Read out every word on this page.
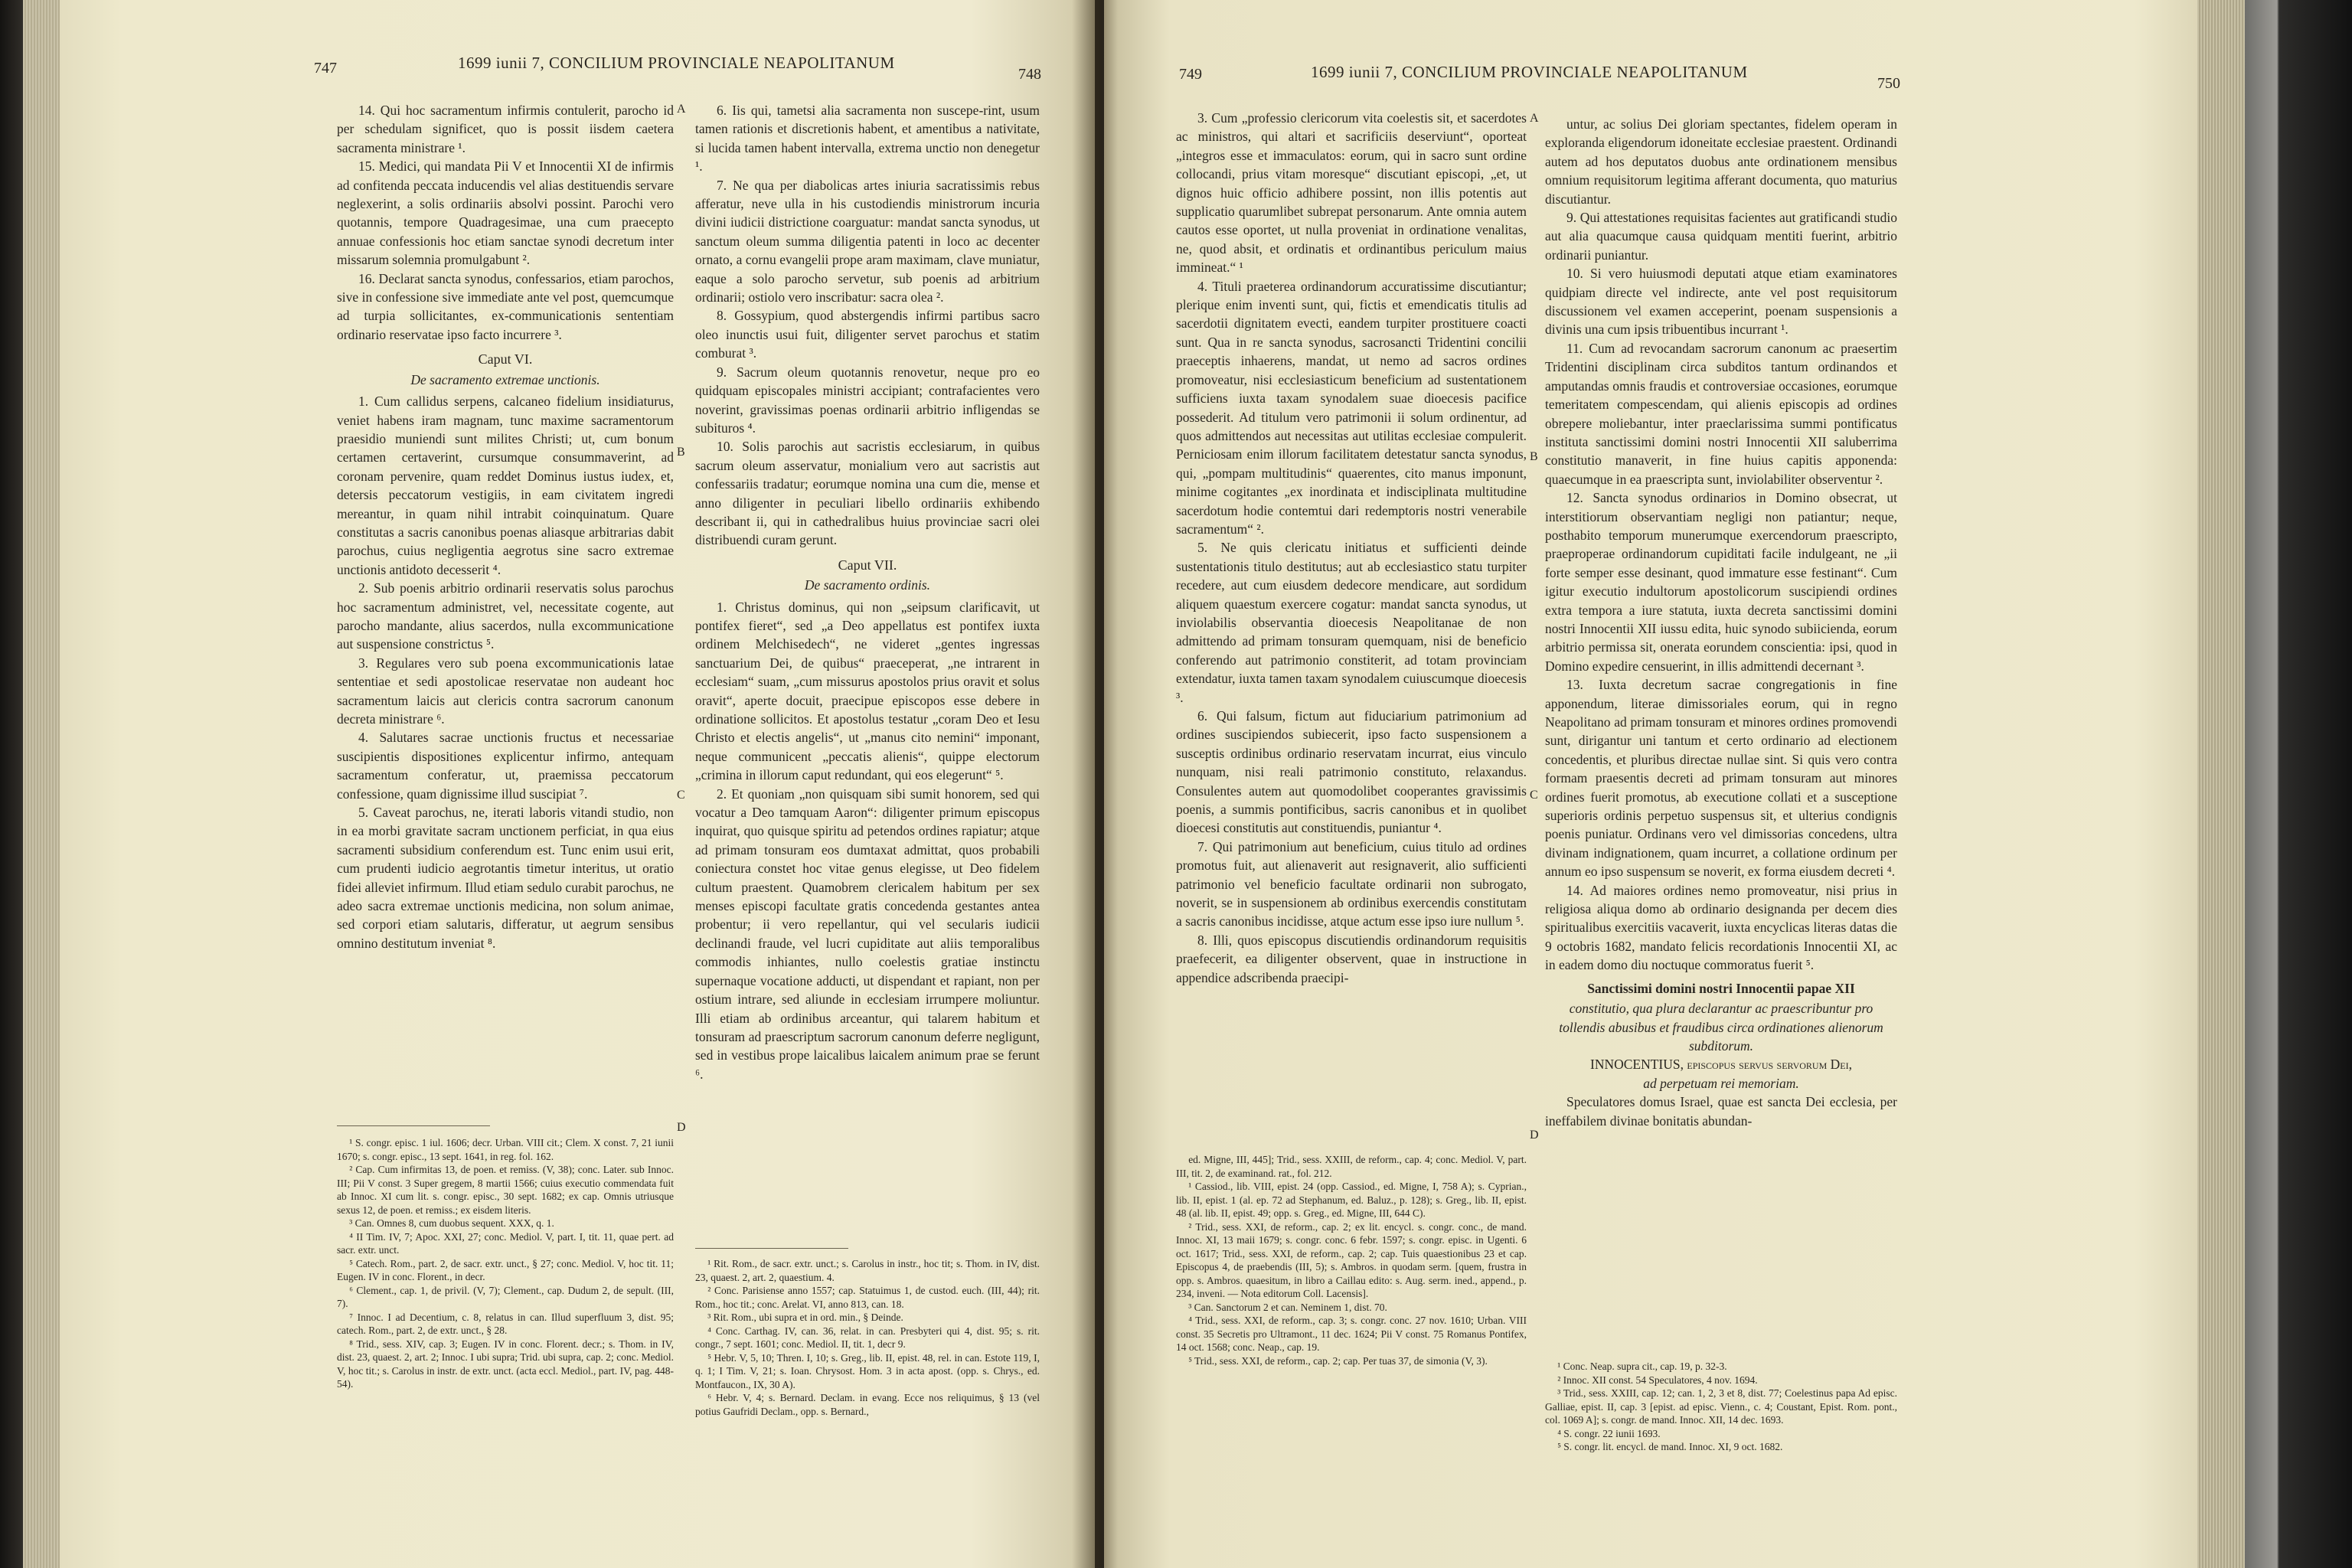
747	1699 iunii 7, CONCILIUM PROVINCIALE NEAPOLITANUM
748
A
B
C
D

14. Qui hoc sacramentum infirmis contulerit, parocho id per schedulam significet, quo is possit iisdem caetera sacramenta ministrare ¹.

15. Medici, qui mandata Pii V et Innocentii XI de infirmis ad confitenda peccata inducendis vel alias destituendis servare neglexerint, a solis ordinariis absolvi possint. Parochi vero quotannis, tempore Quadragesimae, una cum praecepto annuae confessionis hoc etiam sanctae synodi decretum inter missarum solemnia promulgabunt ².

16. Declarat sancta synodus, confessarios, etiam parochos, sive in confessione sive immediate ante vel post, quemcumque ad turpia sollicitantes, ex-communicationis sententiam ordinario reservatae ipso facto incurrere ³.

Caput VI.

De sacramento extremae unctionis.

1. Cum callidus serpens, calcaneo fidelium insidiaturus, veniet habens iram magnam, tunc maxime sacramentorum praesidio muniendi sunt milites Christi; ut, cum bonum certamen certaverint, cursumque consummaverint, ad coronam pervenire, quam reddet Dominus iustus iudex, et, detersis peccatorum vestigiis, in eam civitatem ingredi mereantur, in quam nihil intrabit coinquinatum. Quare constitutas a sacris canonibus poenas aliasque arbitrarias dabit parochus, cuius negligentia aegrotus sine sacro extremae unctionis antidoto decesserit ⁴.

2. Sub poenis arbitrio ordinarii reservatis solus parochus hoc sacramentum administret, vel, necessitate cogente, aut parocho mandante, alius sacerdos, nulla excommunicatione aut suspensione constrictus ⁵.

3. Regulares vero sub poena excommunicationis latae sententiae et sedi apostolicae reservatae non audeant hoc sacramentum laicis aut clericis contra sacrorum canonum decreta ministrare ⁶.

4. Salutares sacrae unctionis fructus et necessariae suscipientis dispositiones explicentur infirmo, antequam sacramentum conferatur, ut, praemissa peccatorum confessione, quam dignissime illud suscipiat ⁷.

5. Caveat parochus, ne, iterati laboris vitandi studio, non in ea morbi gravitate sacram unctionem perficiat, in qua eius sacramenti subsidium conferendum est. Tunc enim usui erit, cum prudenti iudicio aegrotantis timetur interitus, ut oratio fidei alleviet infirmum. Illud etiam sedulo curabit parochus, ne adeo sacra extremae unctionis medicina, non solum animae, sed corpori etiam salutaris, differatur, ut aegrum sensibus omnino destitutum inveniat ⁸.

¹ S. congr. episc. 1 iul. 1606; decr. Urban. VIII cit.; Clem. X const. 7, 21 iunii 1670; s. congr. episc., 13 sept. 1641, in reg. fol. 162.

² Cap. Cum infirmitas 13, de poen. et remiss. (V, 38); conc. Later. sub Innoc. III; Pii V const. 3 Super gregem, 8 martii 1566; cuius executio commendata fuit ab Innoc. XI cum lit. s. congr. episc., 30 sept. 1682; ex cap. Omnis utriusque sexus 12, de poen. et remiss.; ex eisdem literis.

³ Can. Omnes 8, cum duobus sequent. XXX, q. 1.

⁴ II Tim. IV, 7; Apoc. XXI, 27; conc. Mediol. V, part. I, tit. 11, quae pert. ad sacr. extr. unct.

⁵ Catech. Rom., part. 2, de sacr. extr. unct., § 27; conc. Mediol. V, hoc tit. 11; Eugen. IV in conc. Florent., in decr.

⁶ Clement., cap. 1, de privil. (V, 7); Clement., cap. Dudum 2, de sepult. (III, 7).

⁷ Innoc. I ad Decentium, c. 8, relatus in can. Illud superfluum 3, dist. 95; catech. Rom., part. 2, de extr. unct., § 28.

⁸ Trid., sess. XIV, cap. 3; Eugen. IV in conc. Florent. decr.; s. Thom. in IV, dist. 23, quaest. 2, art. 2; Innoc. I ubi supra; Trid. ubi supra, cap. 2; conc. Mediol. V, hoc tit.; s. Carolus in instr. de extr. unct. (acta eccl. Mediol., part. IV, pag. 448-54).

6. Iis qui, tametsi alia sacramenta non suscepe-rint, usum tamen rationis et discretionis habent, et amentibus a nativitate, si lucida tamen habent intervalla, extrema unctio non denegetur ¹.

7. Ne qua per diabolicas artes iniuria sacratissimis rebus afferatur, neve ulla in his custodiendis ministrorum incuria divini iudicii districtione coarguatur: mandat sancta synodus, ut sanctum oleum summa diligentia patenti in loco ac decenter ornato, a cornu evangelii prope aram maximam, clave muniatur, eaque a solo parocho servetur, sub poenis ad arbitrium ordinarii; ostiolo vero inscribatur: sacra olea ².

8. Gossypium, quod abstergendis infirmi partibus sacro oleo inunctis usui fuit, diligenter servet parochus et statim comburat ³.

9. Sacrum oleum quotannis renovetur, neque pro eo quidquam episcopales ministri accipiant; contrafacientes vero noverint, gravissimas poenas ordinarii arbitrio infligendas se subituros ⁴.

10. Solis parochis aut sacristis ecclesiarum, in quibus sacrum oleum asservatur, monialium vero aut sacristis aut confessariis tradatur; eorumque nomina una cum die, mense et anno diligenter in peculiari libello ordinariis exhibendo describant ii, qui in cathedralibus huius provinciae sacri olei distribuendi curam gerunt.

Caput VII.

De sacramento ordinis.

1. Christus dominus, qui non „seipsum clarificavit, ut pontifex fieret“, sed „a Deo appellatus est pontifex iuxta ordinem Melchisedech“, ne videret „gentes ingressas sanctuarium Dei, de quibus“ praeceperat, „ne intrarent in ecclesiam“ suam, „cum missurus apostolos prius oravit et solus oravit“, aperte docuit, praecipue episcopos esse debere in ordinatione sollicitos. Et apostolus testatur „coram Deo et Iesu Christo et electis angelis“, ut „manus cito nemini“ imponant, neque communicent „peccatis alienis“, quippe electorum „crimina in illorum caput redundant, qui eos elegerunt“ ⁵.

2. Et quoniam „non quisquam sibi sumit honorem, sed qui vocatur a Deo tamquam Aaron“: diligenter primum episcopus inquirat, quo quisque spiritu ad petendos ordines rapiatur; atque ad primam tonsuram eos dumtaxat admittat, quos probabili coniectura constet hoc vitae genus elegisse, ut Deo fidelem cultum praestent. Quamobrem clericalem habitum per sex menses episcopi facultate gratis concedenda gestantes antea probentur; ii vero repellantur, qui vel secularis iudicii declinandi fraude, vel lucri cupiditate aut aliis temporalibus commodis inhiantes, nullo coelestis gratiae instinctu supernaque vocatione adducti, ut dispendant et rapiant, non per ostium intrare, sed aliunde in ecclesiam irrumpere moliuntur. Illi etiam ab ordinibus arceantur, qui talarem habitum et tonsuram ad praescriptum sacrorum canonum deferre negligunt, sed in vestibus prope laicalibus laicalem animum prae se ferunt ⁶.

¹ Rit. Rom., de sacr. extr. unct.; s. Carolus in instr., hoc tit; s. Thom. in IV, dist. 23, quaest. 2, art. 2, quaestium. 4.

² Conc. Parisiense anno 1557; cap. Statuimus 1, de custod. euch. (III, 44); rit. Rom., hoc tit.; conc. Arelat. VI, anno 813, can. 18.

³ Rit. Rom., ubi supra et in ord. min., § Deinde.

⁴ Conc. Carthag. IV, can. 36, relat. in can. Presbyteri qui 4, dist. 95; s. rit. congr., 7 sept. 1601; conc. Mediol. II, tit. 1, decr 9.

⁵ Hebr. V, 5, 10; Thren. I, 10; s. Greg., lib. II, epist. 48, rel. in can. Estote 119, I, q. 1; I Tim. V, 21; s. Ioan. Chrysost. Hom. 3 in acta apost. (opp. s. Chrys., ed. Montfaucon., IX, 30 A).

⁶ Hebr. V, 4; s. Bernard. Declam. in evang. Ecce nos reliquimus, § 13 (vel potius Gaufridi Declam., opp. s. Bernard.,

749	1699 iunii 7, CONCILIUM PROVINCIALE NEAPOLITANUM
750
A
B
C
D

3. Cum „professio clericorum vita coelestis sit, et sacerdotes ac ministros, qui altari et sacrificiis deserviunt“, oporteat „integros esse et immaculatos: eorum, qui in sacro sunt ordine collocandi, prius vitam moresque“ discutiant episcopi, „et, ut dignos huic officio adhibere possint, non illis potentis aut supplicatio quarumlibet subrepat personarum. Ante omnia autem cautos esse oportet, ut nulla proveniat in ordinatione venalitas, ne, quod absit, et ordinatis et ordinantibus periculum maius immineat.“ ¹

4. Tituli praeterea ordinandorum accuratissime discutiantur; plerique enim inventi sunt, qui, fictis et emendicatis titulis ad sacerdotii dignitatem evecti, eandem turpiter prostituere coacti sunt. Qua in re sancta synodus, sacrosancti Tridentini concilii praeceptis inhaerens, mandat, ut nemo ad sacros ordines promoveatur, nisi ecclesiasticum beneficium ad sustentationem sufficiens iuxta taxam synodalem suae dioecesis pacifice possederit. Ad titulum vero patrimonii ii solum ordinentur, ad quos admittendos aut necessitas aut utilitas ecclesiae compulerit. Perniciosam enim illorum facilitatem detestatur sancta synodus, qui, „pompam multitudinis“ quaerentes, cito manus imponunt, minime cogitantes „ex inordinata et indisciplinata multitudine sacerdotum hodie contemtui dari redemptoris nostri venerabile sacramentum“ ².

5. Ne quis clericatu initiatus et sufficienti deinde sustentationis titulo destitutus; aut ab ecclesiastico statu turpiter recedere, aut cum eiusdem dedecore mendicare, aut sordidum aliquem quaestum exercere cogatur: mandat sancta synodus, ut inviolabilis observantia dioecesis Neapolitanae de non admittendo ad primam tonsuram quemquam, nisi de beneficio conferendo aut patrimonio constiterit, ad totam provinciam extendatur, iuxta tamen taxam synodalem cuiuscumque dioecesis ³.

6. Qui falsum, fictum aut fiduciarium patrimonium ad ordines suscipiendos subiecerit, ipso facto suspensionem a susceptis ordinibus ordinario reservatam incurrat, eius vinculo nunquam, nisi reali patrimonio constituto, relaxandus. Consulentes autem aut quomodolibet cooperantes gravissimis poenis, a summis pontificibus, sacris canonibus et in quolibet dioecesi constitutis aut constituendis, puniantur ⁴.

7. Qui patrimonium aut beneficium, cuius titulo ad ordines promotus fuit, aut alienaverit aut resignaverit, alio sufficienti patrimonio vel beneficio facultate ordinarii non subrogato, noverit, se in suspensionem ab ordinibus exercendis constitutam a sacris canonibus incidisse, atque actum esse ipso iure nullum ⁵.

8. Illi, quos episcopus discutiendis ordinandorum requisitis praefecerit, ea diligenter observent, quae in instructione in appendice adscribenda praecipi-

ed. Migne, III, 445]; Trid., sess. XXIII, de reform., cap. 4; conc. Mediol. V, part. III, tit. 2, de examinand. rat., fol. 212.

¹ Cassiod., lib. VIII, epist. 24 (opp. Cassiod., ed. Migne, I, 758 A); s. Cyprian., lib. II, epist. 1 (al. ep. 72 ad Stephanum, ed. Baluz., p. 128); s. Greg., lib. II, epist. 48 (al. lib. II, epist. 49; opp. s. Greg., ed. Migne, III, 644 C).

² Trid., sess. XXI, de reform., cap. 2; ex lit. encycl. s. congr. conc., de mand. Innoc. XI, 13 maii 1679; s. congr. conc. 6 febr. 1597; s. congr. episc. in Ugenti. 6 oct. 1617; Trid., sess. XXI, de reform., cap. 2; cap. Tuis quaestionibus 23 et cap. Episcopus 4, de praebendis (III, 5); s. Ambros. in quodam serm. [quem, frustra in opp. s. Ambros. quaesitum, in libro a Caillau edito: s. Aug. serm. ined., append., p. 234, inveni. — Nota editorum Coll. Lacensis].

³ Can. Sanctorum 2 et can. Neminem 1, dist. 70.

⁴ Trid., sess. XXI, de reform., cap. 3; s. congr. conc. 27 nov. 1610; Urban. VIII const. 35 Secretis pro Ultramont., 11 dec. 1624; Pii V const. 75 Romanus Pontifex, 14 oct. 1568; conc. Neap., cap. 19.

⁵ Trid., sess. XXI, de reform., cap. 2; cap. Per tuas 37, de simonia (V, 3).

untur, ac solius Dei gloriam spectantes, fidelem operam in exploranda eligendorum idoneitate ecclesiae praestent. Ordinandi autem ad hos deputatos duobus ante ordinationem mensibus omnium requisitorum legitima afferant documenta, quo maturius discutiantur.

9. Qui attestationes requisitas facientes aut gratificandi studio aut alia quacumque causa quidquam mentiti fuerint, arbitrio ordinarii puniantur.

10. Si vero huiusmodi deputati atque etiam examinatores quidpiam directe vel indirecte, ante vel post requisitorum discussionem vel examen acceperint, poenam suspensionis a divinis una cum ipsis tribuentibus incurrant ¹.

11. Cum ad revocandam sacrorum canonum ac praesertim Tridentini disciplinam circa subditos tantum ordinandos et amputandas omnis fraudis et controversiae occasiones, eorumque temeritatem compescendam, qui alienis episcopis ad ordines obrepere moliebantur, inter praeclarissima summi pontificatus instituta sanctissimi domini nostri Innocentii XII saluberrima constitutio manaverit, in fine huius capitis apponenda: quaecumque in ea praescripta sunt, inviolabiliter observentur ².

12. Sancta synodus ordinarios in Domino obsecrat, ut interstitiorum observantiam negligi non patiantur; neque, posthabito temporum munerumque exercendorum praescripto, praeproperae ordinandorum cupiditati facile indulgeant, ne „ii forte semper esse desinant, quod immature esse festinant“. Cum igitur executio indultorum apostolicorum suscipiendi ordines extra tempora a iure statuta, iuxta decreta sanctissimi domini nostri Innocentii XII iussu edita, huic synodo subiicienda, eorum arbitrio permissa sit, onerata eorundem conscientia: ipsi, quod in Domino expedire censuerint, in illis admittendi decernant ³.

13. Iuxta decretum sacrae congregationis in fine apponendum, literae dimissoriales eorum, qui in regno Neapolitano ad primam tonsuram et minores ordines promovendi sunt, dirigantur uni tantum et certo ordinario ad electionem concedentis, et pluribus directae nullae sint. Si quis vero contra formam praesentis decreti ad primam tonsuram aut minores ordines fuerit promotus, ab executione collati et a susceptione superioris ordinis perpetuo suspensus sit, et ulterius condignis poenis puniatur. Ordinans vero vel dimissorias concedens, ultra divinam indignationem, quam incurret, a collatione ordinum per annum eo ipso suspensum se noverit, ex forma eiusdem decreti ⁴.

14. Ad maiores ordines nemo promoveatur, nisi prius in religiosa aliqua domo ab ordinario designanda per decem dies spiritualibus exercitiis vacaverit, iuxta encyclicas literas datas die 9 octobris 1682, mandato felicis recordationis Innocentii XI, ac in eadem domo diu noctuque commoratus fuerit ⁵.

Sanctissimi domini nostri Innocentii papae XII

constitutio, qua plura declarantur ac praescribuntur pro tollendis abusibus et fraudibus circa ordinationes alienorum subditorum.

INNOCENTIUS, episcopus servus servorum Dei,

ad perpetuam rei memoriam.

Speculatores domus Israel, quae est sancta Dei ecclesia, per ineffabilem divinae bonitatis abundan-

¹ Conc. Neap. supra cit., cap. 19, p. 32-3.

² Innoc. XII const. 54 Speculatores, 4 nov. 1694.

³ Trid., sess. XXIII, cap. 12; can. 1, 2, 3 et 8, dist. 77; Coelestinus papa Ad episc. Galliae, epist. II, cap. 3 [epist. ad episc. Vienn., c. 4; Coustant, Epist. Rom. pont., col. 1069 A]; s. congr. de mand. Innoc. XII, 14 dec. 1693.

⁴ S. congr. 22 iunii 1693.

⁵ S. congr. lit. encycl. de mand. Innoc. XI, 9 oct. 1682.
